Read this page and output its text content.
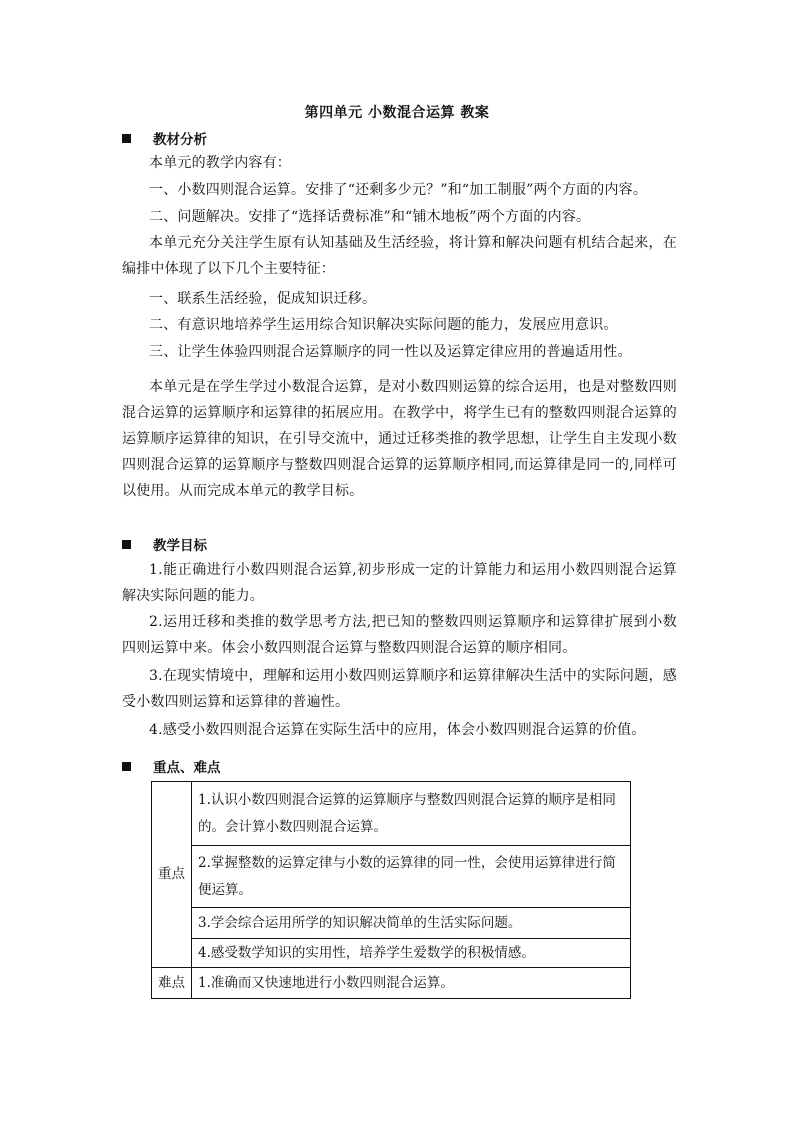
第四单元 小数混合运算 教案
教材分析
本单元的教学内容有：
一、小数四则混合运算。安排了“还剩多少元？”和“加工制服”两个方面的内容。
二、问题解决。安排了“选择话费标准”和“铺木地板”两个方面的内容。
本单元充分关注学生原有认知基础及生活经验，将计算和解决问题有机结合起来，在编排中体现了以下几个主要特征：
一、联系生活经验，促成知识迁移。
二、有意识地培养学生运用综合知识解决实际问题的能力，发展应用意识。
三、让学生体验四则混合运算顺序的同一性以及运算定律应用的普遍适用性。
本单元是在学生学过小数混合运算，是对小数四则运算的综合运用，也是对整数四则混合运算的运算顺序和运算律的拓展应用。在教学中，将学生已有的整数四则混合运算的运算顺序运算律的知识，在引导交流中，通过迁移类推的教学思想，让学生自主发现小数四则混合运算的运算顺序与整数四则混合运算的运算顺序相同,而运算律是同一的,同样可以使用。从而完成本单元的教学目标。
教学目标
1.能正确进行小数四则混合运算,初步形成一定的计算能力和运用小数四则混合运算解决实际问题的能力。
2.运用迁移和类推的数学思考方法,把已知的整数四则运算顺序和运算律扩展到小数四则运算中来。体会小数四则混合运算与整数四则混合运算的顺序相同。
3.在现实情境中，理解和运用小数四则运算顺序和运算律解决生活中的实际问题，感受小数四则运算和运算律的普遍性。
4.感受小数四则混合运算在实际生活中的应用，体会小数四则混合运算的价值。
重点、难点
重点	1.认识小数四则混合运算的运算顺序与整数四则混合运算的顺序是相同的。会计算小数四则混合运算。
	2.掌握整数的运算定律与小数的运算律的同一性，会使用运算律进行简便运算。
	3.学会综合运用所学的知识解决简单的生活实际问题。
	4.感受数学知识的实用性，培养学生爱数学的积极情感。
难点	1.准确而又快速地进行小数四则混合运算。
